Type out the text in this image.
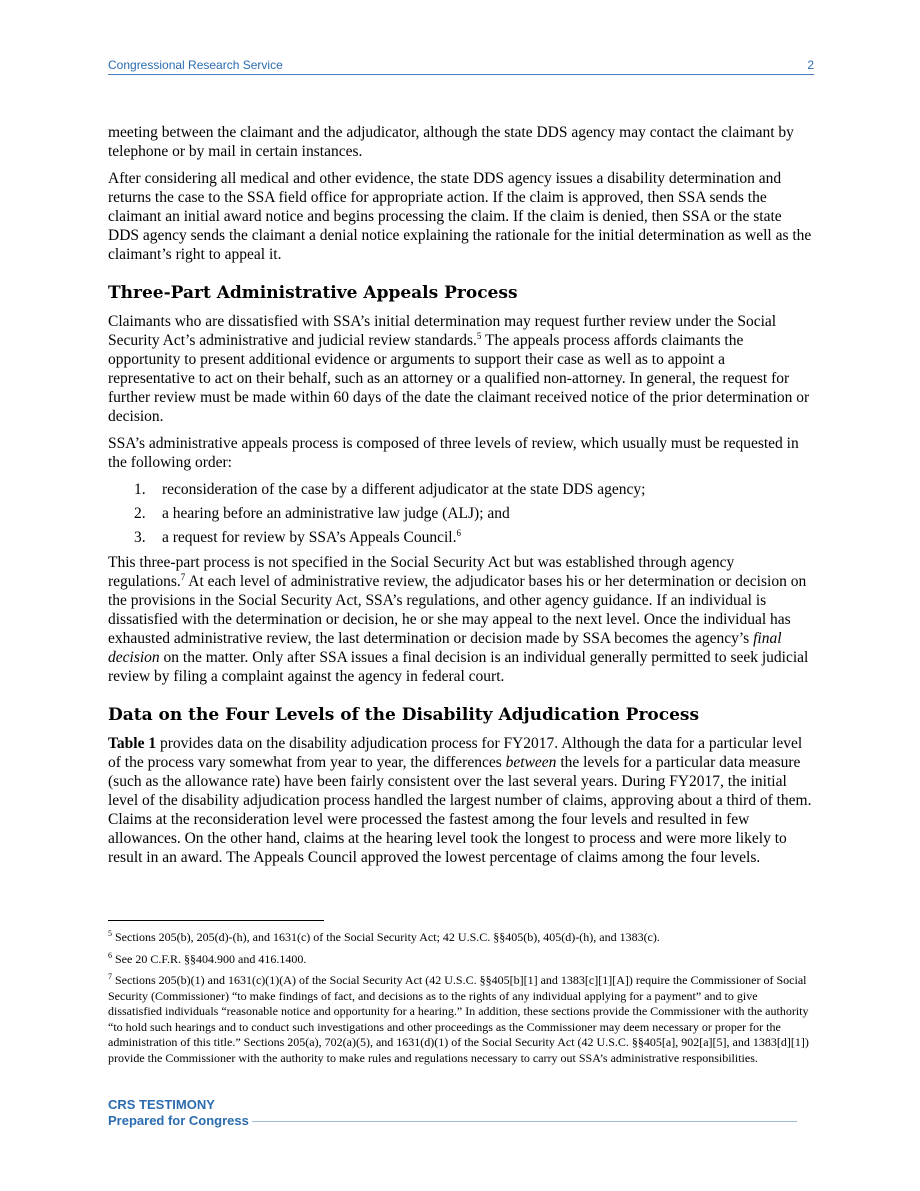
Congressional Research Service	2

meeting between the claimant and the adjudicator, although the state DDS agency may contact the claimant by telephone or by mail in certain instances.

After considering all medical and other evidence, the state DDS agency issues a disability determination and returns the case to the SSA field office for appropriate action. If the claim is approved, then SSA sends the claimant an initial award notice and begins processing the claim. If the claim is denied, then SSA or the state DDS agency sends the claimant a denial notice explaining the rationale for the initial determination as well as the claimant’s right to appeal it.

Three-Part Administrative Appeals Process

Claimants who are dissatisfied with SSA’s initial determination may request further review under the Social Security Act’s administrative and judicial review standards.$^5$ The appeals process affords claimants the opportunity to present additional evidence or arguments to support their case as well as to appoint a representative to act on their behalf, such as an attorney or a qualified non-attorney. In general, the request for further review must be made within 60 days of the date the claimant received notice of the prior determination or decision.

SSA’s administrative appeals process is composed of three levels of review, which usually must be requested in the following order:

1. reconsideration of the case by a different adjudicator at the state DDS agency;
2. a hearing before an administrative law judge (ALJ); and
3. a request for review by SSA’s Appeals Council.$^6$

This three-part process is not specified in the Social Security Act but was established through agency regulations.$^7$ At each level of administrative review, the adjudicator bases his or her determination or decision on the provisions in the Social Security Act, SSA’s regulations, and other agency guidance. If an individual is dissatisfied with the determination or decision, he or she may appeal to the next level. Once the individual has exhausted administrative review, the last determination or decision made by SSA becomes the agency’s final decision on the matter. Only after SSA issues a final decision is an individual generally permitted to seek judicial review by filing a complaint against the agency in federal court.

Data on the Four Levels of the Disability Adjudication Process

Table 1 provides data on the disability adjudication process for FY2017. Although the data for a particular level of the process vary somewhat from year to year, the differences between the levels for a particular data measure (such as the allowance rate) have been fairly consistent over the last several years. During FY2017, the initial level of the disability adjudication process handled the largest number of claims, approving about a third of them. Claims at the reconsideration level were processed the fastest among the four levels and resulted in few allowances. On the other hand, claims at the hearing level took the longest to process and were more likely to result in an award. The Appeals Council approved the lowest percentage of claims among the four levels.

$^5$ Sections 205(b), 205(d)-(h), and 1631(c) of the Social Security Act; 42 U.S.C. §§405(b), 405(d)-(h), and 1383(c).

$^6$ See 20 C.F.R. §§404.900 and 416.1400.

$^7$ Sections 205(b)(1) and 1631(c)(1)(A) of the Social Security Act (42 U.S.C. §§405[b][1] and 1383[c][1][A]) require the Commissioner of Social Security (Commissioner) “to make findings of fact, and decisions as to the rights of any individual applying for a payment” and to give dissatisfied individuals “reasonable notice and opportunity for a hearing.” In addition, these sections provide the Commissioner with the authority “to hold such hearings and to conduct such investigations and other proceedings as the Commissioner may deem necessary or proper for the administration of this title.” Sections 205(a), 702(a)(5), and 1631(d)(1) of the Social Security Act (42 U.S.C. §§405[a], 902[a][5], and 1383[d][1]) provide the Commissioner with the authority to make rules and regulations necessary to carry out SSA’s administrative responsibilities.

CRS TESTIMONY
Prepared for Congress
